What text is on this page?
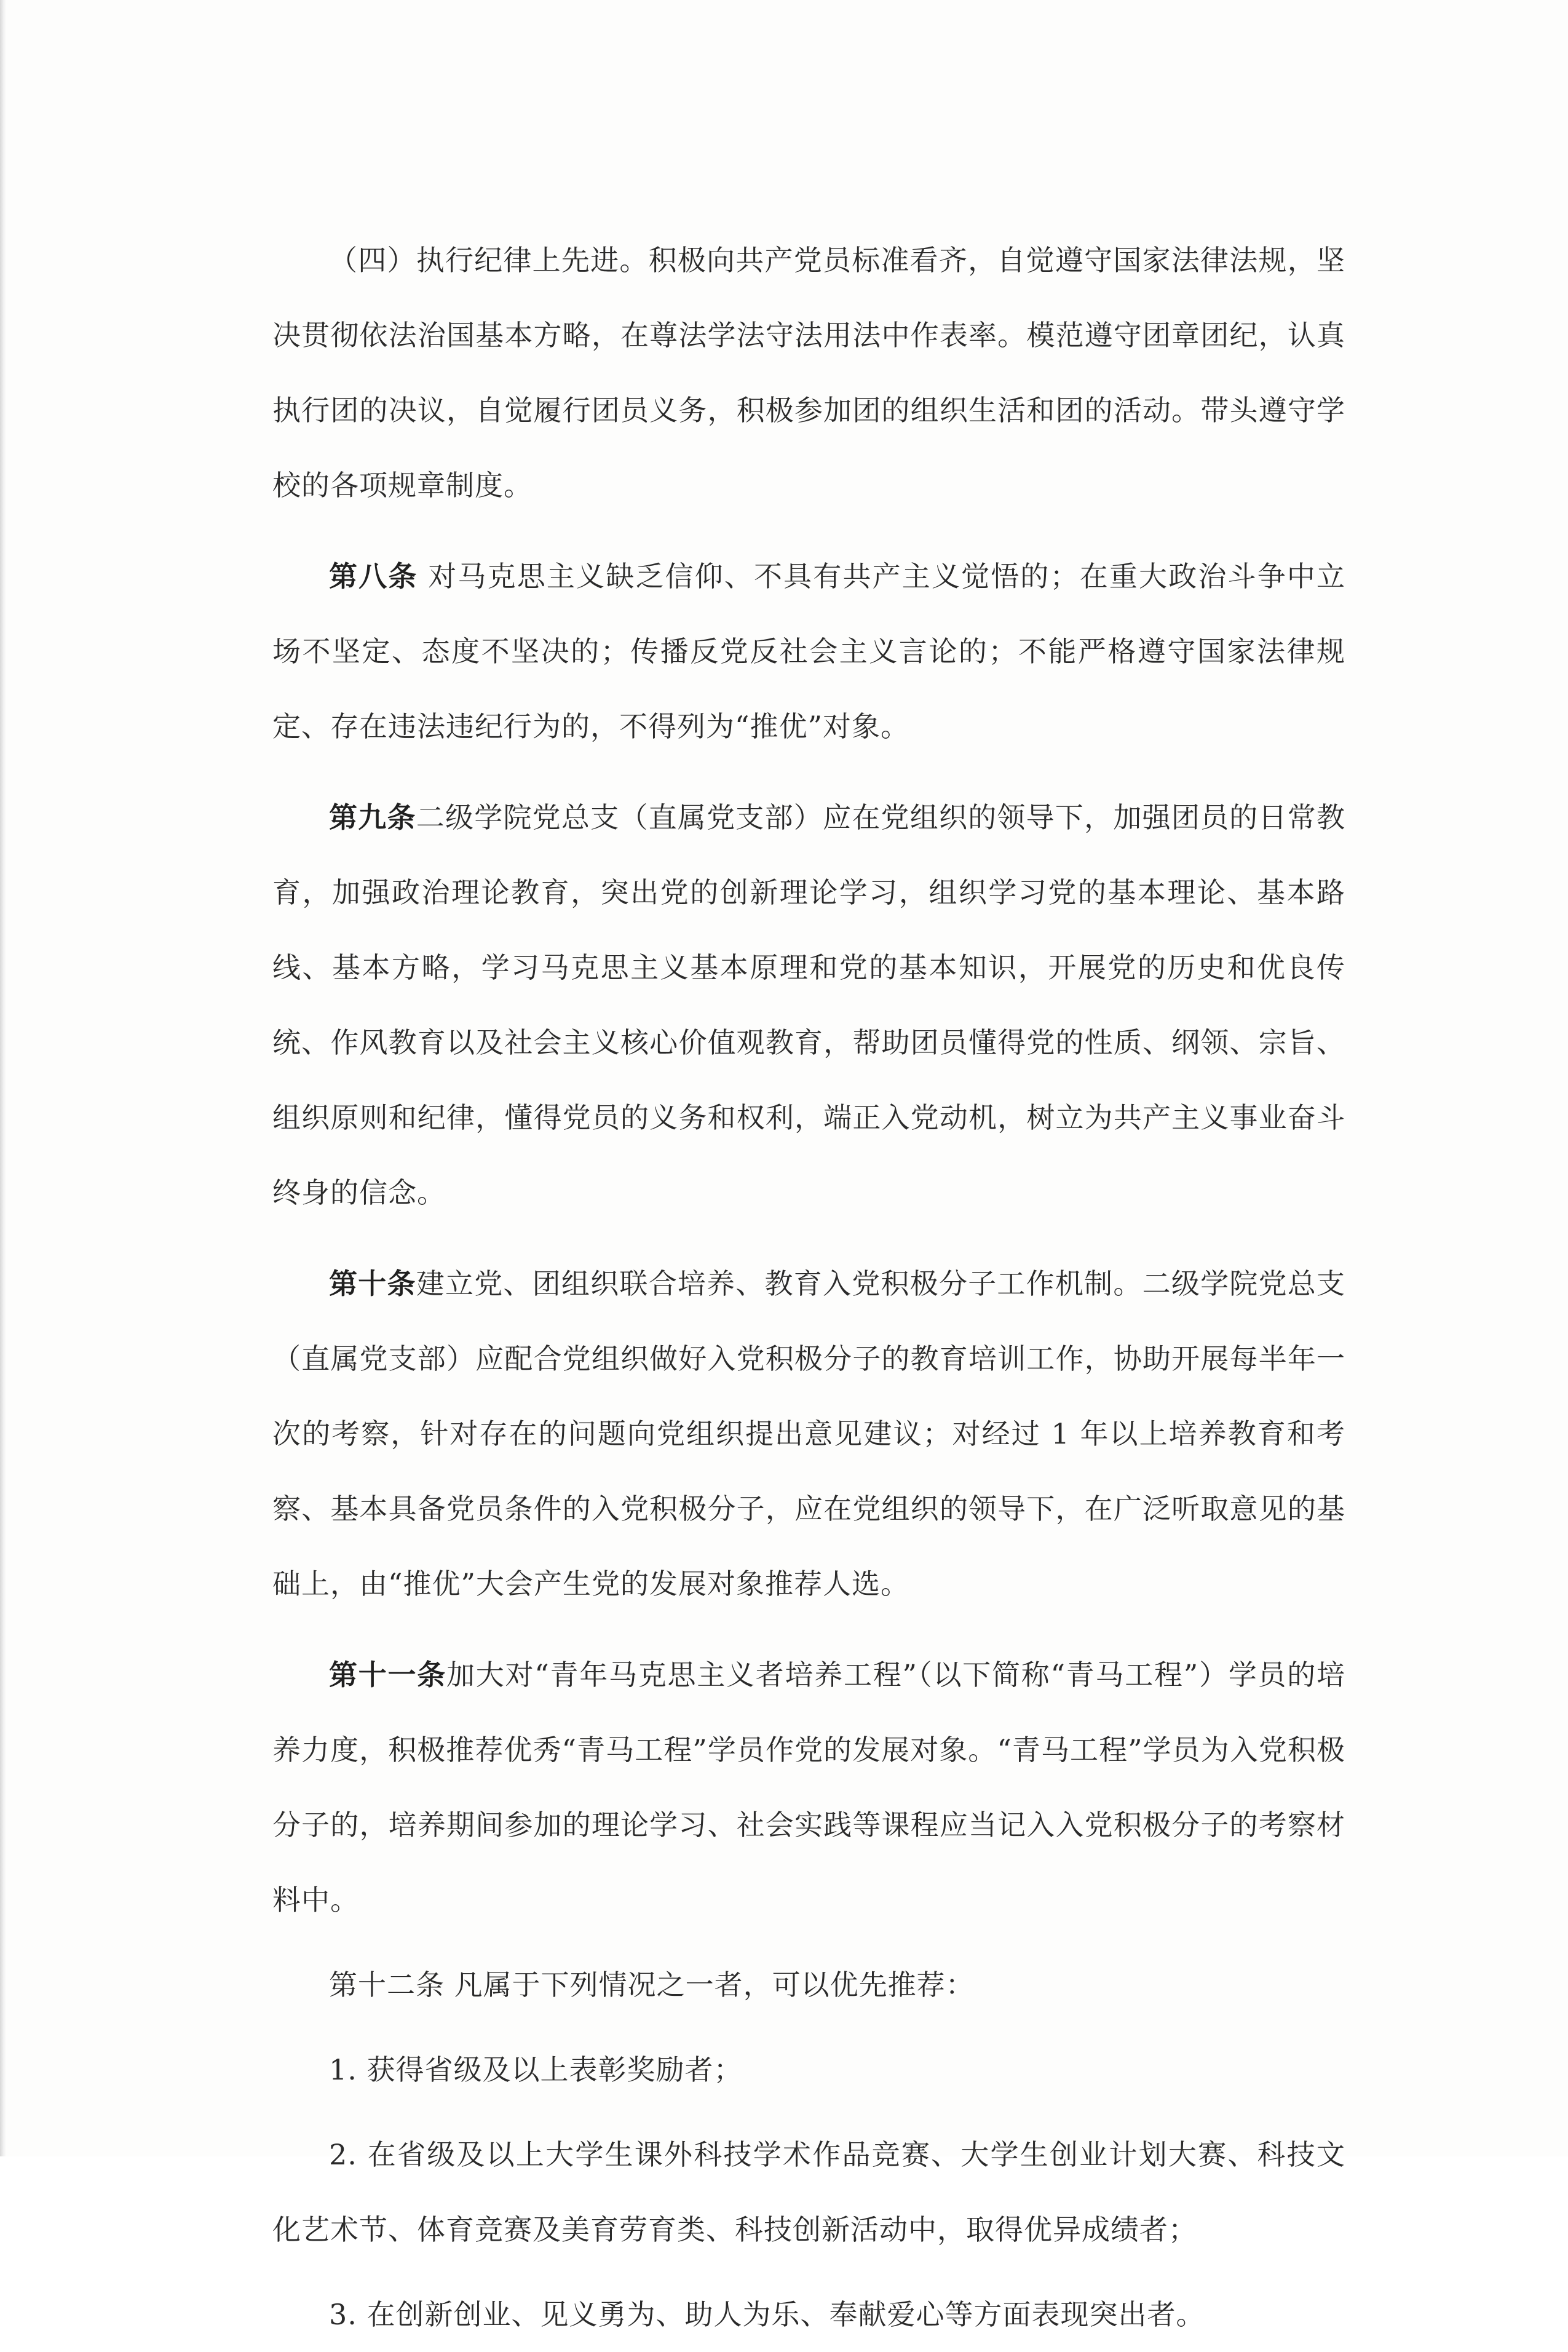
（四）执行纪律上先进。积极向共产党员标准看齐，自觉遵守国家法律法规，坚决贯彻依法治国基本方略，在尊法学法守法用法中作表率。模范遵守团章团纪，认真执行团的决议，自觉履行团员义务，积极参加团的组织生活和团的活动。带头遵守学校的各项规章制度。

第八条 对马克思主义缺乏信仰、不具有共产主义觉悟的；在重大政治斗争中立场不坚定、态度不坚决的；传播反党反社会主义言论的；不能严格遵守国家法律规定、存在违法违纪行为的，不得列为“推优”对象。

第九条二级学院党总支（直属党支部）应在党组织的领导下，加强团员的日常教育，加强政治理论教育，突出党的创新理论学习，组织学习党的基本理论、基本路线、基本方略，学习马克思主义基本原理和党的基本知识，开展党的历史和优良传统、作风教育以及社会主义核心价值观教育，帮助团员懂得党的性质、纲领、宗旨、组织原则和纪律，懂得党员的义务和权利，端正入党动机，树立为共产主义事业奋斗终身的信念。

第十条建立党、团组织联合培养、教育入党积极分子工作机制。二级学院党总支（直属党支部）应配合党组织做好入党积极分子的教育培训工作，协助开展每半年一次的考察，针对存在的问题向党组织提出意见建议；对经过 1 年以上培养教育和考察、基本具备党员条件的入党积极分子，应在党组织的领导下，在广泛听取意见的基础上，由“推优”大会产生党的发展对象推荐人选。

第十一条加大对“青年马克思主义者培养工程”（以下简称“青马工程”）学员的培养力度，积极推荐优秀“青马工程”学员作党的发展对象。“青马工程”学员为入党积极分子的，培养期间参加的理论学习、社会实践等课程应当记入入党积极分子的考察材料中。

第十二条 凡属于下列情况之一者，可以优先推荐：

1. 获得省级及以上表彰奖励者；

2. 在省级及以上大学生课外科技学术作品竞赛、大学生创业计划大赛、科技文化艺术节、体育竞赛及美育劳育类、科技创新活动中，取得优异成绩者；

3. 在创新创业、见义勇为、助人为乐、奉献爱心等方面表现突出者。
